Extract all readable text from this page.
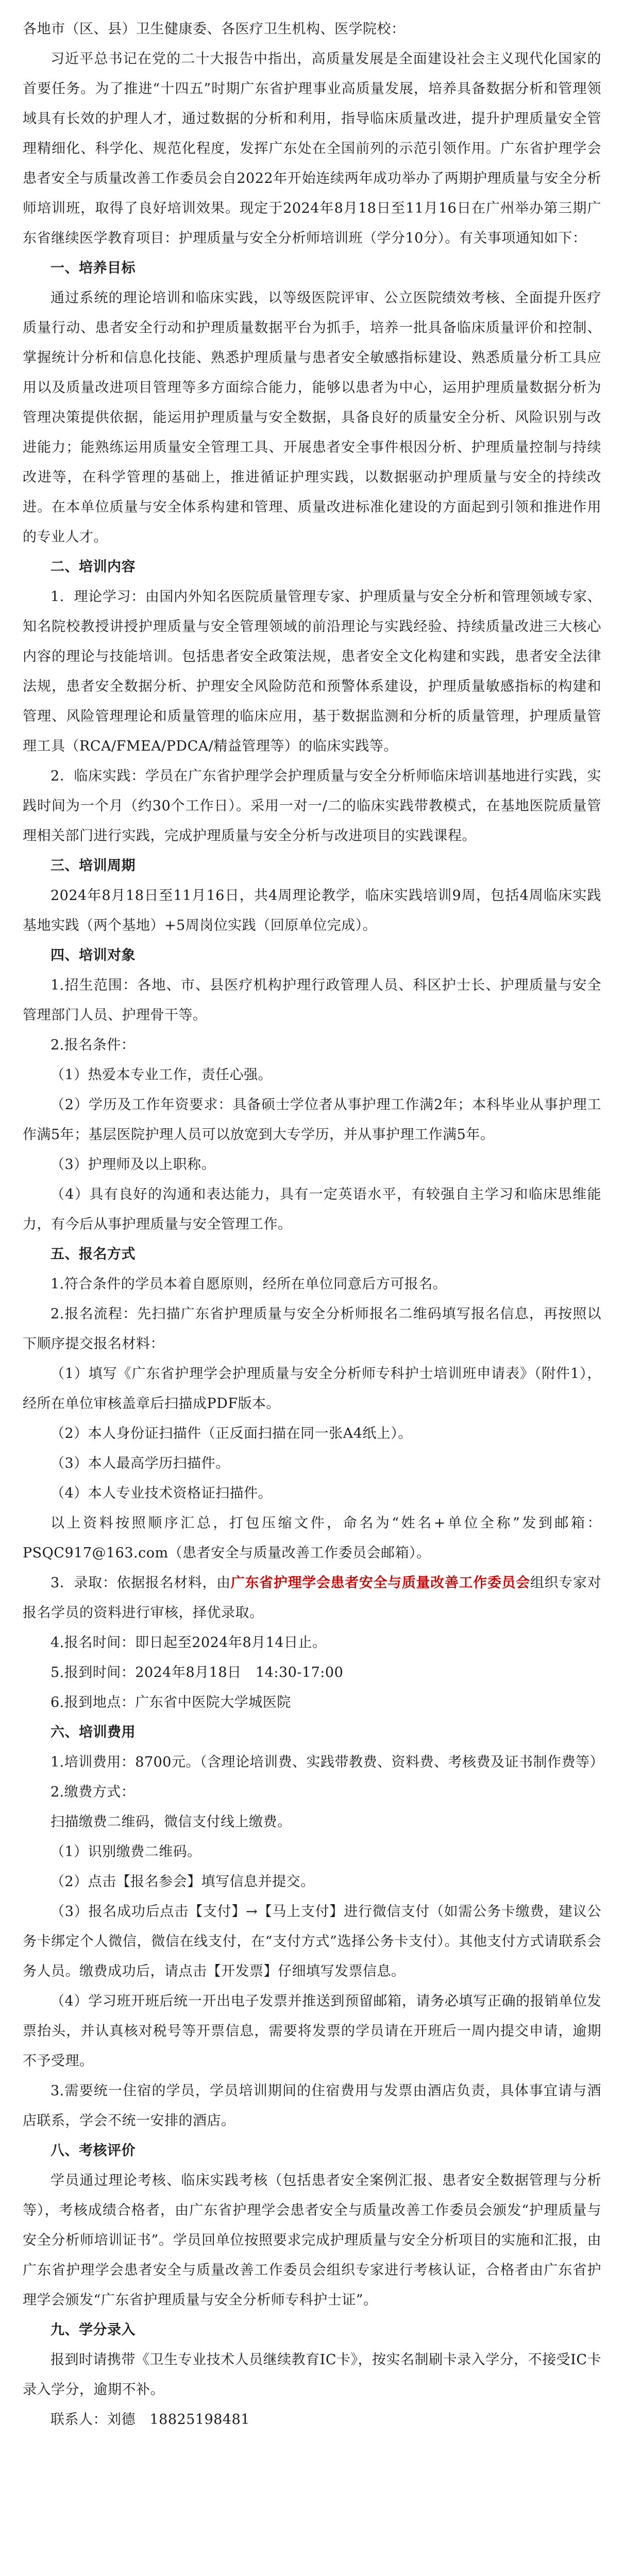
各地市（区、县）卫生健康委、各医疗卫生机构、医学院校：

习近平总书记在党的二十大报告中指出，高质量发展是全面建设社会主义现代化国家的首要任务。为了推进“十四五”时期广东省护理事业高质量发展，培养具备数据分析和管理领域具有长效的护理人才，通过数据的分析和利用，指导临床质量改进，提升护理质量安全管理精细化、科学化、规范化程度，发挥广东处在全国前列的示范引领作用。广东省护理学会患者安全与质量改善工作委员会自2022年开始连续两年成功举办了两期护理质量与安全分析师培训班，取得了良好培训效果。现定于2024年8月18日至11月16日在广州举办第三期广东省继续医学教育项目：护理质量与安全分析师培训班（学分10分）。有关事项通知如下：

一、培养目标

通过系统的理论培训和临床实践，以等级医院评审、公立医院绩效考核、全面提升医疗质量行动、患者安全行动和护理质量数据平台为抓手，培养一批具备临床质量评价和控制、掌握统计分析和信息化技能、熟悉护理质量与患者安全敏感指标建设、熟悉质量分析工具应用以及质量改进项目管理等多方面综合能力，能够以患者为中心，运用护理质量数据分析为管理决策提供依据，能运用护理质量与安全数据，具备良好的质量安全分析、风险识别与改进能力；能熟练运用质量安全管理工具、开展患者安全事件根因分析、护理质量控制与持续改进等，在科学管理的基础上，推进循证护理实践，以数据驱动护理质量与安全的持续改进。在本单位质量与安全体系构建和管理、质量改进标准化建设的方面起到引领和推进作用的专业人才。

二、培训内容

1．理论学习：由国内外知名医院质量管理专家、护理质量与安全分析和管理领域专家、知名院校教授讲授护理质量与安全管理领域的前沿理论与实践经验、持续质量改进三大核心内容的理论与技能培训。包括患者安全政策法规，患者安全文化构建和实践，患者安全法律法规，患者安全数据分析、护理安全风险防范和预警体系建设，护理质量敏感指标的构建和管理、风险管理理论和质量管理的临床应用，基于数据监测和分析的质量管理，护理质量管理工具（RCA/FMEA/PDCA/精益管理等）的临床实践等。

2．临床实践：学员在广东省护理学会护理质量与安全分析师临床培训基地进行实践，实践时间为一个月（约30个工作日）。采用一对一/二的临床实践带教模式，在基地医院质量管理相关部门进行实践，完成护理质量与安全分析与改进项目的实践课程。

三、培训周期

2024年8月18日至11月16日，共4周理论教学，临床实践培训9周，包括4周临床实践基地实践（两个基地）+5周岗位实践（回原单位完成）。

四、培训对象

1.招生范围：各地、市、县医疗机构护理行政管理人员、科区护士长、护理质量与安全管理部门人员、护理骨干等。

2.报名条件：

（1）热爱本专业工作，责任心强。

（2）学历及工作年资要求：具备硕士学位者从事护理工作满2年；本科毕业从事护理工作满5年；基层医院护理人员可以放宽到大专学历，并从事护理工作满5年。

（3）护理师及以上职称。

（4）具有良好的沟通和表达能力，具有一定英语水平，有较强自主学习和临床思维能力，有今后从事护理质量与安全管理工作。

五、报名方式

1.符合条件的学员本着自愿原则，经所在单位同意后方可报名。

2.报名流程：先扫描广东省护理质量与安全分析师报名二维码填写报名信息，再按照以下顺序提交报名材料：

（1）填写《广东省护理学会护理质量与安全分析师专科护士培训班申请表》（附件1），经所在单位审核盖章后扫描成PDF版本。

（2）本人身份证扫描件（正反面扫描在同一张A4纸上）。

（3）本人最高学历扫描件。

（4）本人专业技术资格证扫描件。

以上资料按照顺序汇总，打包压缩文件，命名为“姓名+单位全称”发到邮箱：PSQC917@163.com（患者安全与质量改善工作委员会邮箱）。

3．录取：依据报名材料，由广东省护理学会患者安全与质量改善工作委员会组织专家对报名学员的资料进行审核，择优录取。

4.报名时间：即日起至2024年8月14日止。

5.报到时间：2024年8月18日　14:30-17:00

6.报到地点：广东省中医院大学城医院

六、培训费用

1.培训费用：8700元。（含理论培训费、实践带教费、资料费、考核费及证书制作费等）

2.缴费方式：

扫描缴费二维码，微信支付线上缴费。

（1）识别缴费二维码。

（2）点击【报名参会】填写信息并提交。

（3）报名成功后点击【支付】→【马上支付】进行微信支付（如需公务卡缴费，建议公务卡绑定个人微信，微信在线支付，在“支付方式”选择公务卡支付）。其他支付方式请联系会务人员。缴费成功后，请点击【开发票】仔细填写发票信息。

（4）学习班开班后统一开出电子发票并推送到预留邮箱，请务必填写正确的报销单位发票抬头，并认真核对税号等开票信息，需要将发票的学员请在开班后一周内提交申请，逾期不予受理。

3.需要统一住宿的学员，学员培训期间的住宿费用与发票由酒店负责，具体事宜请与酒店联系，学会不统一安排的酒店。

八、考核评价

学员通过理论考核、临床实践考核（包括患者安全案例汇报、患者安全数据管理与分析等），考核成绩合格者，由广东省护理学会患者安全与质量改善工作委员会颁发“护理质量与安全分析师培训证书”。学员回单位按照要求完成护理质量与安全分析项目的实施和汇报，由广东省护理学会患者安全与质量改善工作委员会组织专家进行考核认证，合格者由广东省护理学会颁发“广东省护理质量与安全分析师专科护士证”。

九、学分录入

报到时请携带《卫生专业技术人员继续教育IC卡》，按实名制刷卡录入学分，不接受IC卡录入学分，逾期不补。

联系人：刘德　18825198481
